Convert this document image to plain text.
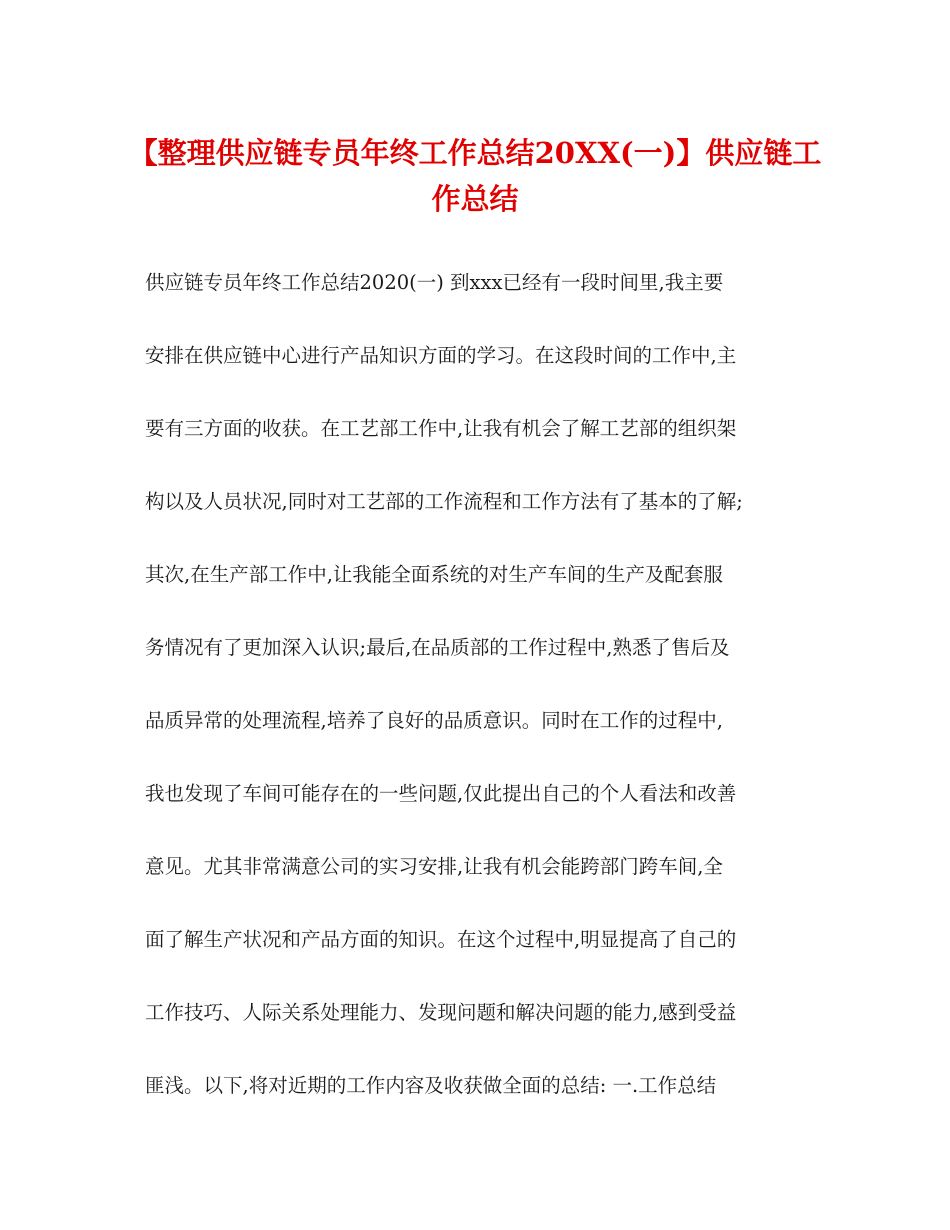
【整理供应链专员年终工作总结20XX(一)】供应链工
作总结
供应链专员年终工作总结2020(一) 到xxx已经有一段时间里,我主要
安排在供应链中心进行产品知识方面的学习。在这段时间的工作中,主
要有三方面的收获。在工艺部工作中,让我有机会了解工艺部的组织架
构以及人员状况,同时对工艺部的工作流程和工作方法有了基本的了解;
其次,在生产部工作中,让我能全面系统的对生产车间的生产及配套服
务情况有了更加深入认识;最后,在品质部的工作过程中,熟悉了售后及
品质异常的处理流程,培养了良好的品质意识。同时在工作的过程中,
我也发现了车间可能存在的一些问题,仅此提出自己的个人看法和改善
意见。尤其非常满意公司的实习安排,让我有机会能跨部门跨车间,全
面了解生产状况和产品方面的知识。在这个过程中,明显提高了自己的
工作技巧、人际关系处理能力、发现问题和解决问题的能力,感到受益
匪浅。以下,将对近期的工作内容及收获做全面的总结: 一.工作总结
